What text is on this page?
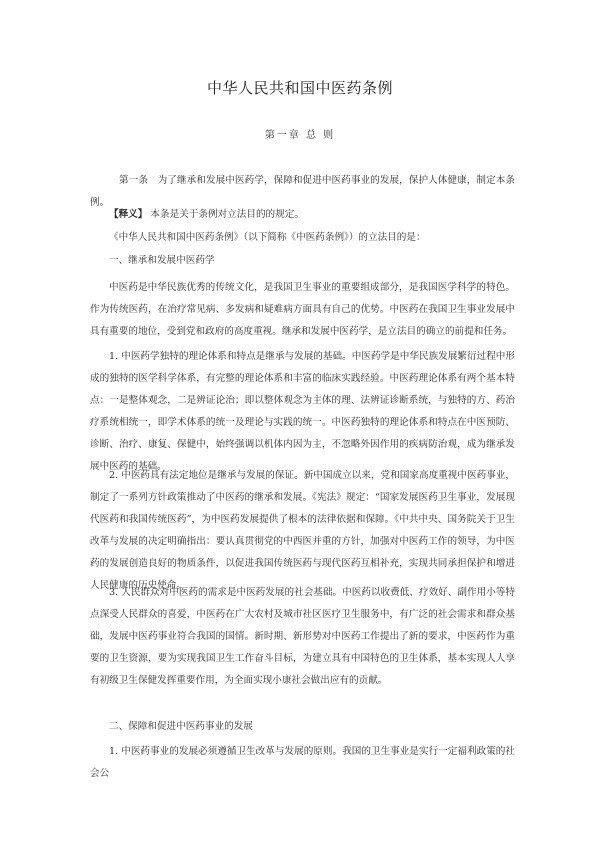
中华人民共和国中医药条例
第一章 总 则

第一条　为了继承和发展中医药学，保障和促进中医药事业的发展，保护人体健康，制定本条例。

【释义】 本条是关于条例对立法目的的规定。

《中华人民共和国中医药条例》（以下简称《中医药条例》）的立法目的是：

一、继承和发展中医药学

中医药是中华民族优秀的传统文化，是我国卫生事业的重要组成部分，是我国医学科学的特色。作为传统医药，在治疗常见病、多发病和疑难病方面具有自己的优势。中医药在我国卫生事业发展中具有重要的地位，受到党和政府的高度重视。继承和发展中医药学，是立法目的确立的前提和任务。

1. 中医药学独特的理论体系和特点是继承与发展的基础。中医药学是中华民族发展繁衍过程中形成的独特的医学科学体系，有完整的理论体系和丰富的临床实践经验。中医药理论体系有两个基本特点：一是整体观念，二是辨证论治；即以整体观念为主体的理、法辨证诊断系统，与独特的方、药治疗系统相统一，即学术体系的统一及理论与实践的统一。中医药独特的理论体系和特点在中医预防、诊断、治疗、康复、保健中，始终强调以机体内因为主，不忽略外因作用的疾病防治观，成为继承发展中医药的基础。

2. 中医药具有法定地位是继承与发展的保证。新中国成立以来，党和国家高度重视中医药事业，制定了一系列方针政策推动了中医药的继承和发展。《宪法》规定：“国家发展医药卫生事业，发展现代医药和我国传统医药”，为中医药发展提供了根本的法律依据和保障。《中共中央、国务院关于卫生改革与发展的决定明确指出：要认真贯彻党的中西医并重的方针，加强对中医药工作的领导，为中医药的发展创造良好的物质条件，以促进我国传统医药与现代医药互相补充，实现共同承担保护和增进人民健康的历史使命。

3. 人民群众对中医药的需求是中医药发展的社会基础。中医药以收费低、疗效好、副作用小等特点深受人民群众的喜爱，中医药在广大农村及城市社区医疗卫生服务中，有广泛的社会需求和群众基础，发展中医药事业符合我国的国情。新时期、新形势对中医药工作提出了新的要求，中医药作为重要的卫生资源，要为实现我国卫生工作奋斗目标，为建立具有中国特色的卫生体系，基本实现人人享有初级卫生保健发挥重要作用，为全面实现小康社会做出应有的贡献。

二、保障和促进中医药事业的发展

1. 中医药事业的发展必须遵循卫生改革与发展的原则。我国的卫生事业是实行一定福利政策的社会公
